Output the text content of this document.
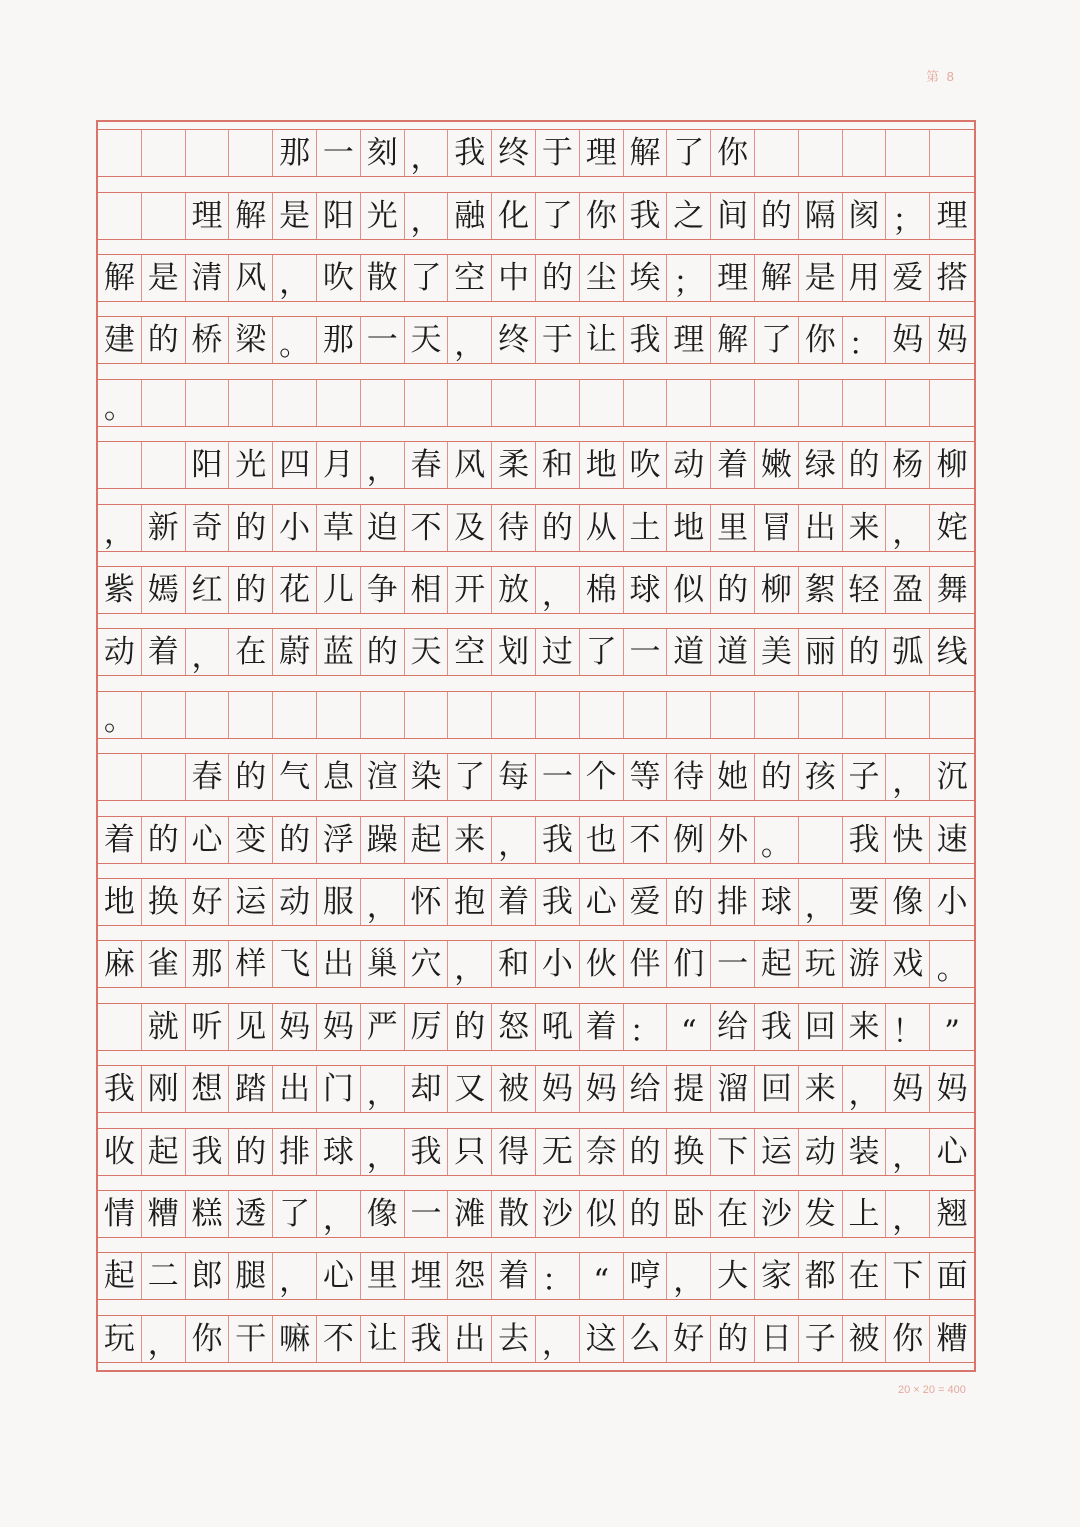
第 8
那 一 刻 ， 我 终 于 理 解 了 你
理 解 是 阳 光 ， 融 化 了 你 我 之 间 的 隔 阂 ； 理
解 是 清 风 ， 吹 散 了 空 中 的 尘 埃 ； 理 解 是 用 爱 搭
建 的 桥 梁 。 那 一 天 ， 终 于 让 我 理 解 了 你 ： 妈 妈
。
阳 光 四 月 ， 春 风 柔 和 地 吹 动 着 嫩 绿 的 杨 柳
， 新 奇 的 小 草 迫 不 及 待 的 从 土 地 里 冒 出 来 ， 姹
紫 嫣 红 的 花 儿 争 相 开 放 ， 棉 球 似 的 柳 絮 轻 盈 舞
动 着 ， 在 蔚 蓝 的 天 空 划 过 了 一 道 道 美 丽 的 弧 线
。
春 的 气 息 渲 染 了 每 一 个 等 待 她 的 孩 子 ， 沉
着 的 心 变 的 浮 躁 起 来 ， 我 也 不 例 外 。 我 快 速
地 换 好 运 动 服 ， 怀 抱 着 我 心 爱 的 排 球 ， 要 像 小
麻 雀 那 样 飞 出 巢 穴 ， 和 小 伙 伴 们 一 起 玩 游 戏 。
就 听 见 妈 妈 严 厉 的 怒 吼 着 ： “ 给 我 回 来 ！ ”
我 刚 想 踏 出 门 ， 却 又 被 妈 妈 给 提 溜 回 来 ， 妈 妈
收 起 我 的 排 球 ， 我 只 得 无 奈 的 换 下 运 动 装 ， 心
情 糟 糕 透 了 ， 像 一 滩 散 沙 似 的 卧 在 沙 发 上 ， 翘
起 二 郎 腿 ， 心 里 埋 怨 着 ： “ 哼 ， 大 家 都 在 下 面
玩 ， 你 干 嘛 不 让 我 出 去 ， 这 么 好 的 日 子 被 你 糟
20 × 20 = 400
